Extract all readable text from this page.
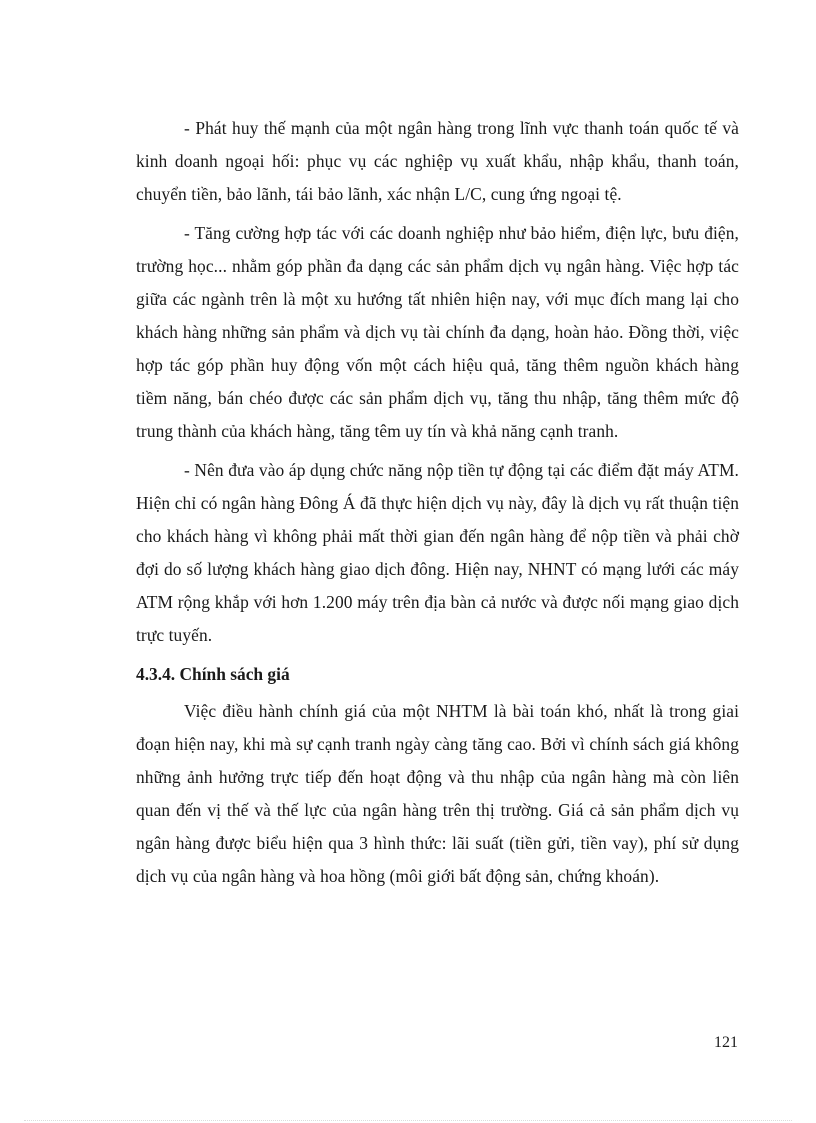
- Phát huy thế mạnh của một ngân hàng trong lĩnh vực thanh toán quốc tế và kinh doanh ngoại hối: phục vụ các nghiệp vụ xuất khẩu, nhập khẩu, thanh toán, chuyển tiền, bảo lãnh, tái bảo lãnh, xác nhận L/C, cung ứng ngoại tệ.

- Tăng cường hợp tác với các doanh nghiệp như bảo hiểm, điện lực, bưu điện, trường học... nhằm góp phần đa dạng các sản phẩm dịch vụ ngân hàng. Việc hợp tác giữa các ngành trên là một xu hướng tất nhiên hiện nay, với mục đích mang lại cho khách hàng những sản phẩm và dịch vụ tài chính đa dạng, hoàn hảo. Đồng thời, việc hợp tác góp phần huy động vốn một cách hiệu quả, tăng thêm nguồn khách hàng tiềm năng, bán chéo được các sản phẩm dịch vụ, tăng thu nhập, tăng thêm mức độ trung thành của khách hàng, tăng têm uy tín và khả năng cạnh tranh.

- Nên đưa vào áp dụng chức năng nộp tiền tự động tại các điểm đặt máy ATM. Hiện chỉ có ngân hàng Đông Á đã thực hiện dịch vụ này, đây là dịch vụ rất thuận tiện cho khách hàng vì không phải mất thời gian đến ngân hàng để nộp tiền và phải chờ đợi do số lượng khách hàng giao dịch đông. Hiện nay, NHNT có mạng lưới các máy ATM rộng khắp với hơn 1.200 máy trên địa bàn cả nước và được nối mạng giao dịch trực tuyến.

4.3.4. Chính sách giá

Việc điều hành chính giá của một NHTM là bài toán khó, nhất là trong giai đoạn hiện nay, khi mà sự cạnh tranh ngày càng tăng cao. Bởi vì chính sách giá không những ảnh hưởng trực tiếp đến hoạt động và thu nhập của ngân hàng mà còn liên quan đến vị thế và thế lực của ngân hàng trên thị trường. Giá cả sản phẩm dịch vụ ngân hàng được biểu hiện qua 3 hình thức: lãi suất (tiền gửi, tiền vay), phí sử dụng dịch vụ của ngân hàng và hoa hồng (môi giới bất động sản, chứng khoán).

121
